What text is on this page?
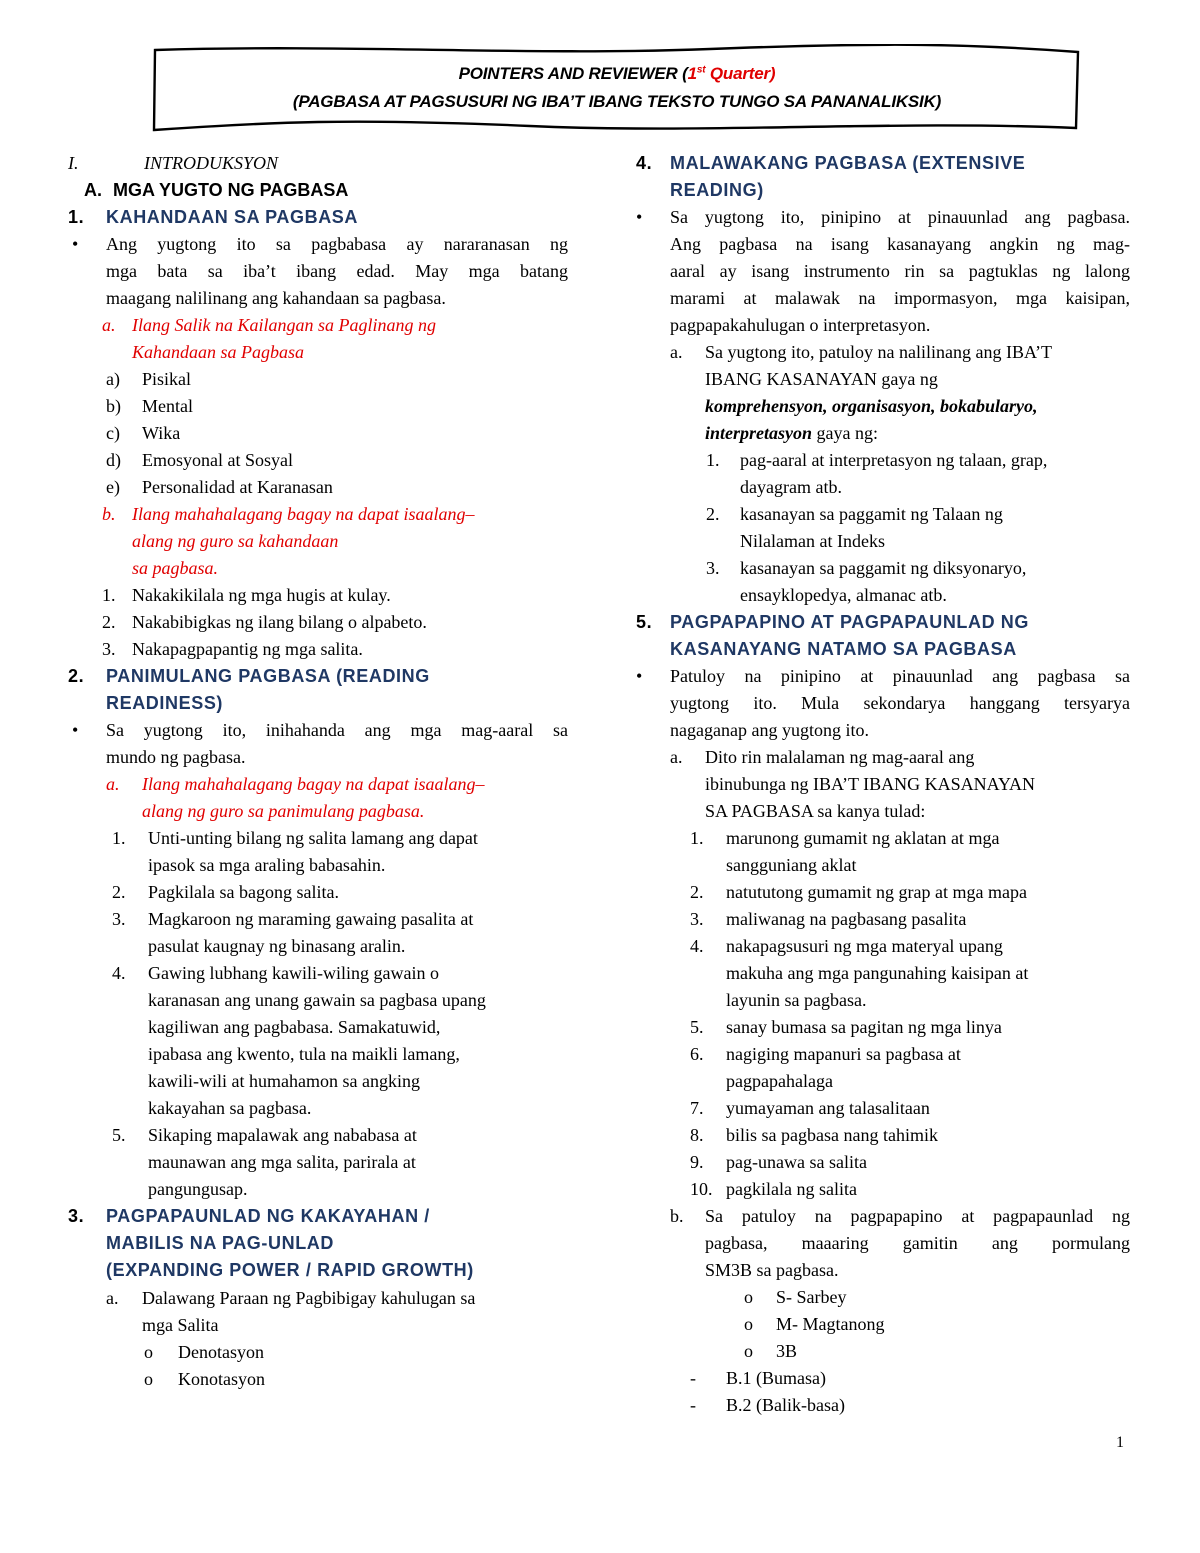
POINTERS AND REVIEWER (1st Quarter)
(PAGBASA AT PAGSUSURI NG IBA’T IBANG TEKSTO TUNGO SA PANANALIKSIK)
I.	INTRODUKSYON
A. MGA YUGTO NG PAGBASA
1. KAHANDAAN SA PAGBASA
• Ang yugtong ito sa pagbabasa ay nararanasan ng
mga bata sa iba’t ibang edad. May mga batang
maagang nalilinang ang kahandaan sa pagbasa.
a. Ilang Salik na Kailangan sa Paglinang ng
Kahandaan sa Pagbasa
a) Pisikal
b) Mental
c) Wika
d) Emosyonal at Sosyal
e) Personalidad at Karanasan
b. Ilang mahahalagang bagay na dapat isaalang–
alang ng guro sa kahandaan
sa pagbasa.
1. Nakakikilala ng mga hugis at kulay.
2. Nakabibigkas ng ilang bilang o alpabeto.
3. Nakapagpapantig ng mga salita.
2. PANIMULANG PAGBASA (READING
READINESS)
• Sa yugtong ito, inihahanda ang mga mag-aaral sa
mundo ng pagbasa.
a. Ilang mahahalagang bagay na dapat isaalang–
alang ng guro sa panimulang pagbasa.
1. Unti-unting bilang ng salita lamang ang dapat
ipasok sa mga araling babasahin.
2. Pagkilala sa bagong salita.
3. Magkaroon ng maraming gawaing pasalita at
pasulat kaugnay ng binasang aralin.
4. Gawing lubhang kawili-wiling gawain o
karanasan ang unang gawain sa pagbasa upang
kagiliwan ang pagbabasa. Samakatuwid,
ipabasa ang kwento, tula na maikli lamang,
kawili-wili at humahamon sa angking
kakayahan sa pagbasa.
5. Sikaping mapalawak ang nababasa at
maunawan ang mga salita, parirala at
pangungusap.
3. PAGPAPAUNLAD NG KAKAYAHAN /
MABILIS NA PAG-UNLAD
(EXPANDING POWER / RAPID GROWTH)
a. Dalawang Paraan ng Pagbibigay kahulugan sa
mga Salita
o Denotasyon
o Konotasyon
4. MALAWAKANG PAGBASA (EXTENSIVE
READING)
• Sa yugtong ito, pinipino at pinauunlad ang pagbasa.
Ang pagbasa na isang kasanayang angkin ng mag-
aaral ay isang instrumento rin sa pagtuklas ng lalong
marami at malawak na impormasyon, mga kaisipan,
pagpapakahulugan o interpretasyon.
a. Sa yugtong ito, patuloy na nalilinang ang IBA’T
IBANG KASANAYAN gaya ng
komprehensyon, organisasyon, bokabularyo,
interpretasyon gaya ng:
1. pag-aaral at interpretasyon ng talaan, grap,
dayagram atb.
2. kasanayan sa paggamit ng Talaan ng
Nilalaman at Indeks
3. kasanayan sa paggamit ng diksyonaryo,
ensayklopedya, almanac atb.
5. PAGPAPAPINO AT PAGPAPAUNLAD NG
KASANAYANG NATAMO SA PAGBASA
• Patuloy na pinipino at pinauunlad ang pagbasa sa
yugtong ito. Mula sekondarya hanggang tersyarya
nagaganap ang yugtong ito.
a. Dito rin malalaman ng mag-aaral ang
ibinubunga ng IBA’T IBANG KASANAYAN
SA PAGBASA sa kanya tulad:
1. marunong gumamit ng aklatan at mga
sangguniang aklat
2. natututong gumamit ng grap at mga mapa
3. maliwanag na pagbasang pasalita
4. nakapagsusuri ng mga materyal upang
makuha ang mga pangunahing kaisipan at
layunin sa pagbasa.
5. sanay bumasa sa pagitan ng mga linya
6. nagiging mapanuri sa pagbasa at
pagpapahalaga
7. yumayaman ang talasalitaan
8. bilis sa pagbasa nang tahimik
9. pag-unawa sa salita
10. pagkilala ng salita
b. Sa patuloy na pagpapapino at pagpapaunlad ng
pagbasa, maaaring gamitin ang pormulang
SM3B sa pagbasa.
o S- Sarbey
o M- Magtanong
o 3B
- B.1 (Bumasa)
- B.2 (Balik-basa)
1
